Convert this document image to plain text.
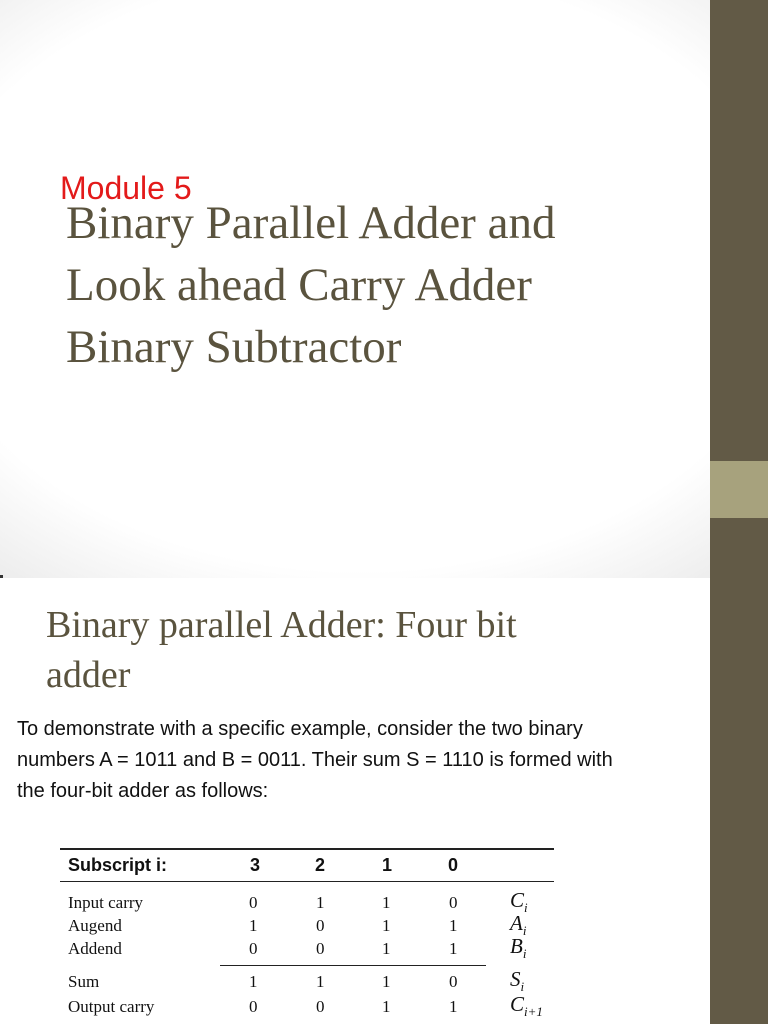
Module 5
Binary Parallel Adder and
Look ahead Carry Adder
Binary Subtractor
Binary parallel Adder: Four bit
adder
To demonstrate with a specific example, consider the two binary
numbers A = 1011 and B = 0011. Their sum S = 1110 is formed with
the four-bit adder as follows:
Subscript i:	3	2	1	0
Input carry	0	1	1	0	$C_i$
Augend	1	0	1	1	$A_i$
Addend	0	0	1	1	$B_i$
Sum	1	1	1	0	$S_i$
Output carry	0	0	1	1	$C_{i+1}$
